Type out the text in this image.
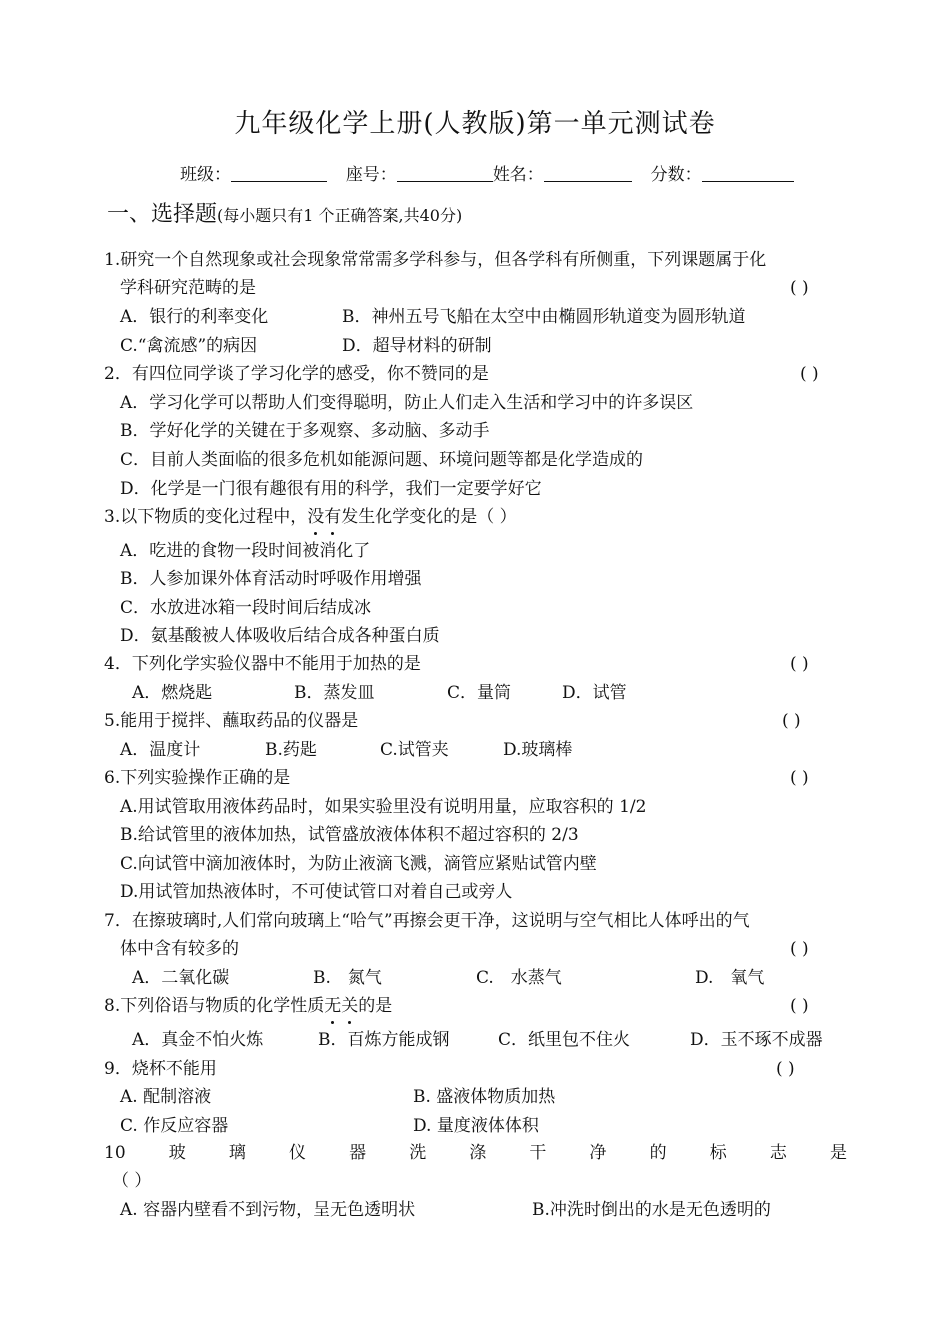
九年级化学上册(人教版)第一单元测试卷
班级：	座号：	姓名：	分数：
一、选择题(每小题只有1 个正确答案,共40分)
1.研究一个自然现象或社会现象常常需多学科参与，但各学科有所侧重，下列课题属于化
学科研究范畴的是	( )
A．银行的利率变化	B．神州五号飞船在太空中由椭圆形轨道变为圆形轨道
C.“禽流感”的病因	D．超导材料的研制
2．有四位同学谈了学习化学的感受，你不赞同的是	( )
A．学习化学可以帮助人们变得聪明，防止人们走入生活和学习中的许多误区
B．学好化学的关键在于多观察、多动脑、多动手
C．目前人类面临的很多危机如能源问题、环境问题等都是化学造成的
D．化学是一门很有趣很有用的科学，我们一定要学好它
3.以下物质的变化过程中，没有发生化学变化的是（ ）
A．吃进的食物一段时间被消化了
B．人参加课外体育活动时呼吸作用增强
C．水放进冰箱一段时间后结成冰
D．氨基酸被人体吸收后结合成各种蛋白质
4．下列化学实验仪器中不能用于加热的是	( )
A．燃烧匙	B．蒸发皿	C．量筒	D．试管
5.能用于搅拌、蘸取药品的仪器是	( )
A．温度计	B.药匙	C.试管夹	D.玻璃棒
6.下列实验操作正确的是	( )
A.用试管取用液体药品时，如果实验里没有说明用量，应取容积的 1/2
B.给试管里的液体加热，试管盛放液体体积不超过容积的 2/3
C.向试管中滴加液体时，为防止液滴飞溅，滴管应紧贴试管内壁
D.用试管加热液体时，不可使试管口对着自己或旁人
7．在擦玻璃时,人们常向玻璃上“哈气”再擦会更干净，这说明与空气相比人体呼出的气
体中含有较多的	( )
A．二氧化碳	B.　氮气	C.　水蒸气	D.　氧气
8.下列俗语与物质的化学性质无关的是	( )
A．真金不怕火炼	B．百炼方能成钢	C．纸里包不住火	D．玉不琢不成器
9．烧杯不能用	( )
A. 配制溶液	B. 盛液体物质加热
C. 作反应容器	D. 量度液体体积
10	玻	璃	仪	器	洗	涤	干	净	的	标	志	是
（ ）
A. 容器内壁看不到污物，呈无色透明状	B.冲洗时倒出的水是无色透明的
